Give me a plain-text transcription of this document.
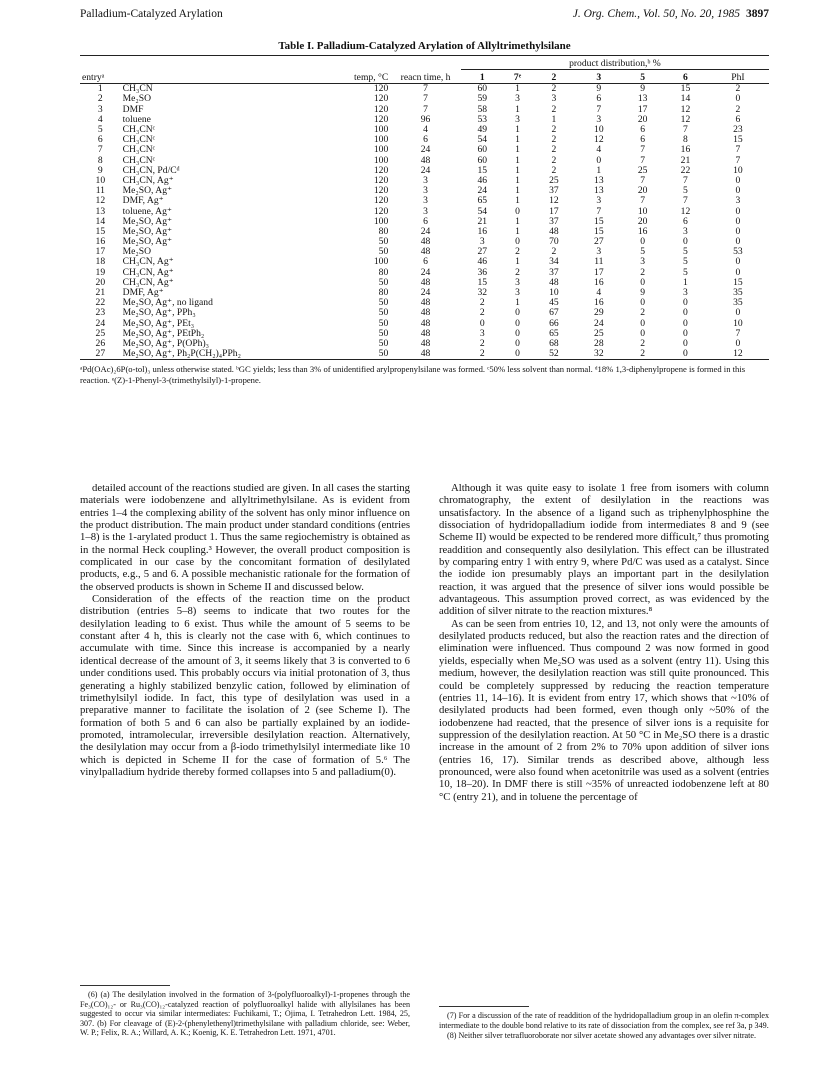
Palladium-Catalyzed Arylation	J. Org. Chem., Vol. 50, No. 20, 1985 3897
Table I. Palladium-Catalyzed Arylation of Allyltrimethylsilane
				product distribution,ᵇ %						
entryᵃ		temp, °C	reacn time, h	1	7ᵉ	2	3	5	6	PhI
1	CH₃CN	120	7	60	1	2	9	9	15	2
2	Me₂SO	120	7	59	3	3	6	13	14	0
3	DMF	120	7	58	1	2	7	17	12	2
4	toluene	120	96	53	3	1	3	20	12	6
5	CH₃CNᶜ	100	4	49	1	2	10	6	7	23
6	CH₃CNᶜ	100	6	54	1	2	12	6	8	15
7	CH₃CNᶜ	100	24	60	1	2	4	7	16	7
8	CH₃CNᶜ	100	48	60	1	2	0	7	21	7
9	CH₃CN, Pd/Cᵈ	120	24	15	1	2	1	25	22	10
10	CH₃CN, Ag⁺	120	3	46	1	25	13	7	7	0
11	Me₂SO, Ag⁺	120	3	24	1	37	13	20	5	0
12	DMF, Ag⁺	120	3	65	1	12	3	7	7	3
13	toluene, Ag⁺	120	3	54	0	17	7	10	12	0
14	Me₂SO, Ag⁺	100	6	21	1	37	15	20	6	0
15	Me₂SO, Ag⁺	80	24	16	1	48	15	16	3	0
16	Me₂SO, Ag⁺	50	48	3	0	70	27	0	0	0
17	Me₂SO	50	48	27	2	2	3	5	5	53
18	CH₃CN, Ag⁺	100	6	46	1	34	11	3	5	0
19	CH₃CN, Ag⁺	80	24	36	2	37	17	2	5	0
20	CH₃CN, Ag⁺	50	48	15	3	48	16	0	1	15
21	DMF, Ag⁺	80	24	32	3	10	4	9	3	35
22	Me₂SO, Ag⁺, no ligand	50	48	2	1	45	16	0	0	35
23	Me₂SO, Ag⁺, PPh₃	50	48	2	0	67	29	2	0	0
24	Me₂SO, Ag⁺, PEt₃	50	48	0	0	66	24	0	0	10
25	Me₂SO, Ag⁺, PEtPh₂	50	48	3	0	65	25	0	0	7
26	Me₂SO, Ag⁺, P(OPh)₃	50	48	2	0	68	28	2	0	0
27	Me₂SO, Ag⁺, Ph₂P(CH₂)₄PPh₂	50	48	2	0	52	32	2	0	12
ᵃPd(OAc)₂6P(o-tol)₃ unless otherwise stated. ᵇGC yields; less than 3% of unidentified arylpropenylsilane was formed. ᶜ50% less solvent than normal. ᵈ18% 1,3-diphenylpropene is formed in this reaction. ᵉ(Z)-1-Phenyl-3-(trimethylsilyl)-1-propene.

detailed account of the reactions studied are given. In all cases the starting materials were iodobenzene and allyltrimethylsilane. As is evident from entries 1–4 the complexing ability of the solvent has only minor influence on the product distribution. The main product under standard conditions (entries 1–8) is the 1-arylated product 1. Thus the same regiochemistry is obtained as in the normal Heck coupling.³ However, the overall product composition is complicated in our case by the concomitant formation of desilylated products, e.g., 5 and 6. A possible mechanistic rationale for the formation of the observed products is shown in Scheme II and discussed below.

Consideration of the effects of the reaction time on the product distribution (entries 5–8) seems to indicate that two routes for the desilylation leading to 6 exist. Thus while the amount of 5 seems to be constant after 4 h, this is clearly not the case with 6, which continues to accumulate with time. Since this increase is accompanied by a nearly identical decrease of the amount of 3, it seems likely that 3 is converted to 6 under conditions used. This probably occurs via initial protonation of 3, thus generating a highly stabilized benzylic cation, followed by elimination of trimethylsilyl iodide. In fact, this type of desilylation was used in a preparative manner to facilitate the isolation of 2 (see Scheme I). The formation of both 5 and 6 can also be partially explained by an iodide-promoted, intramolecular, irreversible desilylation reaction. Alternatively, the desilylation may occur from a β-iodo trimethylsilyl intermediate like 10 which is depicted in Scheme II for the case of formation of 5.⁶ The vinylpalladium hydride thereby formed collapses into 5 and palladium(0).

Although it was quite easy to isolate 1 free from isomers with column chromatography, the extent of desilylation in the reactions was unsatisfactory. In the absence of a ligand such as triphenylphosphine the dissociation of hydridopalladium iodide from intermediates 8 and 9 (see Scheme II) would be expected to be rendered more difficult,⁷ thus promoting readdition and consequently also desilylation. This effect can be illustrated by comparing entry 1 with entry 9, where Pd/C was used as a catalyst. Since the iodide ion presumably plays an important part in the desilylation reaction, it was argued that the presence of silver ions would possible be advantageous. This assumption proved correct, as was evidenced by the addition of silver nitrate to the reaction mixtures.⁸

As can be seen from entries 10, 12, and 13, not only were the amounts of desilylated products reduced, but also the reaction rates and the direction of elimination were influenced. Thus compound 2 was now formed in good yields, especially when Me₂SO was used as a solvent (entry 11). Using this medium, however, the desilylation reaction was still quite pronounced. This could be completely suppressed by reducing the reaction temperature (entries 11, 14–16). It is evident from entry 17, which shows that ~10% of desilylated products had been formed, even though only ~50% of the iodobenzene had reacted, that the presence of silver ions is a requisite for suppression of the desilylation reaction. At 50 °C in Me₂SO there is a drastic increase in the amount of 2 from 2% to 70% upon addition of silver ions (entries 16, 17). Similar trends as described above, although less pronounced, were also found when acetonitrile was used as a solvent (entries 10, 18–20). In DMF there is still ~35% of unreacted iodobenzene left at 80 °C (entry 21), and in toluene the percentage of

(6) (a) The desilylation involved in the formation of 3-(polyfluoroalkyl)-1-propenes through the Fe₃(CO)₁₂- or Ru₃(CO)₁₂-catalyzed reaction of polyfluoroalkyl halide with allylsilanes has been suggested to occur via similar intermediates: Fuchikami, T.; Ojima, I. Tetrahedron Lett. 1984, 25, 307. (b) For cleavage of (E)-2-(phenylethenyl)trimethylsilane with palladium chloride, see: Weber, W. P.; Felix, R. A.; Willard, A. K.; Koenig, K. E. Tetrahedron Lett. 1971, 4701.

(7) For a discussion of the rate of readdition of the hydridopalladium group in an olefin π-complex intermediate to the double bond relative to its rate of dissociation from the complex, see ref 3a, p 349.

(8) Neither silver tetrafluoroborate nor silver acetate showed any advantages over silver nitrate.
